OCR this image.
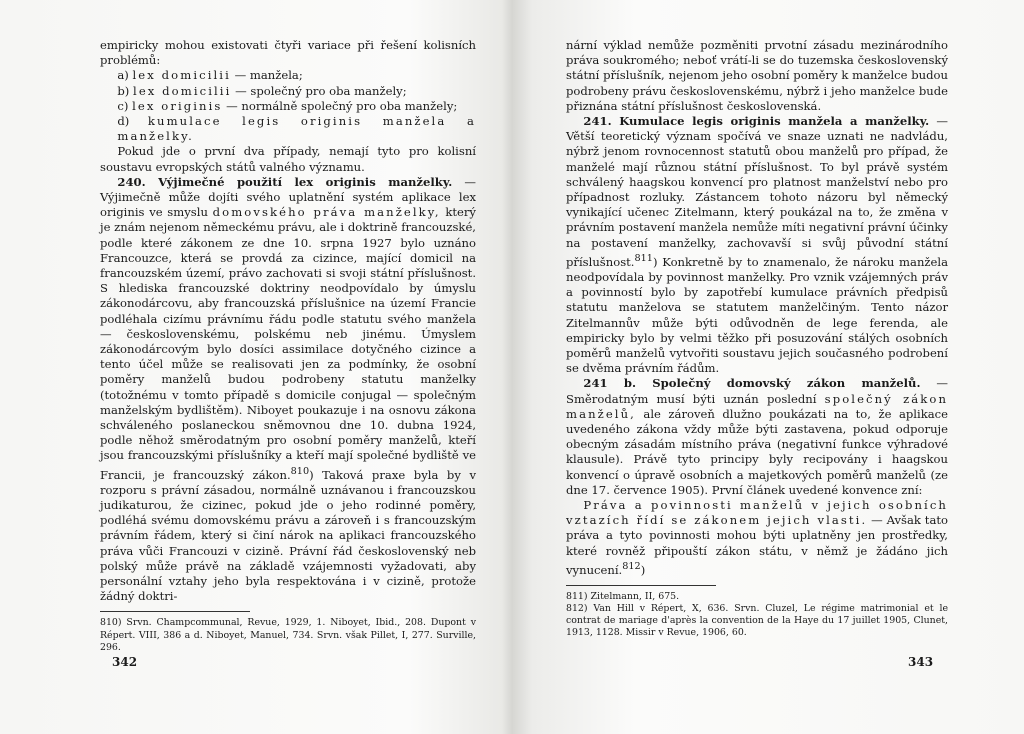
empiricky mohou existovati čtyři variace při řešení kolisních problémů:

a) lex domicilii — manžela;

b) lex domicilii — společný pro oba manžely;

c) lex originis — normálně společný pro oba manžely;

d) kumulace legis originis manžela a manželky.

Pokud jde o první dva případy, nemají tyto pro kolisní soustavu evropských států valného významu.

240. Výjimečné použití lex originis manželky. — Výjimečně může dojíti svého uplatnění systém aplikace lex originis ve smyslu domovského práva manželky, který je znám nejenom německému právu, ale i doktrině francouzské, podle které zákonem ze dne 10. srpna 1927 bylo uznáno Francouzce, která se provdá za cizince, mající domicil na francouzském území, právo zachovati si svoji státní příslušnost. S hlediska francouzské doktriny neodpovídalo by úmyslu zákonodárcovu, aby francouzská příslušnice na území Francie podléhala cizímu právnímu řádu podle statutu svého manžela — československému, polskému neb jinému. Úmyslem zákonodárcovým bylo dosíci assimilace dotyčného cizince a tento účel může se realisovati jen za podmínky, že osobní poměry manželů budou podrobeny statutu manželky (totožnému v tomto případě s domicile conjugal — společným manželským bydlištěm). Niboyet poukazuje i na osnovu zákona schváleného poslaneckou sněmovnou dne 10. dubna 1924, podle něhož směrodatným pro osobní poměry manželů, kteří jsou francouzskými příslušníky a kteří mají společné bydliště ve Francii, je francouzský zákon.$^{810}$) Taková praxe byla by v rozporu s právní zásadou, normálně uznávanou i francouzskou judikaturou, že cizinec, pokud jde o jeho rodinné poměry, podléhá svému domovskému právu a zároveň i s francouzským právním řádem, který si činí nárok na aplikaci francouzského práva vůči Francouzi v cizině. Právní řád československý neb polský může právě na základě vzájemnosti vyžadovati, aby personální vztahy jeho byla respektována i v cizině, protože žádný doktri-

810) Srvn. Champcommunal, Revue, 1929, 1. Niboyet, Ibid., 208. Dupont v Répert. VIII, 386 a d. Niboyet, Manuel, 734. Srvn. však Pillet, I, 277. Surville, 296.

nární výklad nemůže pozměniti prvotní zásadu mezinárodního práva soukromého; neboť vrátí-li se do tuzemska československý státní příslušník, nejenom jeho osobní poměry k manželce budou podrobeny právu československému, nýbrž i jeho manželce bude přiznána státní příslušnost československá.

241. Kumulace legis originis manžela a manželky. — Větší teoretický význam spočívá ve snaze uznati ne nadvládu, nýbrž jenom rovnocennost statutů obou manželů pro případ, že manželé mají různou státní příslušnost. To byl právě systém schválený haagskou konvencí pro platnost manželství nebo pro případnost rozluky. Zástancem tohoto názoru byl německý vynikající učenec Zitelmann, který poukázal na to, že změna v právním postavení manžela nemůže míti negativní právní účinky na postavení manželky, zachovavší si svůj původní státní příslušnost.$^{811}$) Konkretně by to znamenalo, že nároku manžela neodpovídala by povinnost manželky. Pro vznik vzájemných práv a povinností bylo by zapotřebí kumulace právních předpisů statutu manželova se statutem manželčiným. Tento názor Zitelmannův může býti odůvodněn de lege ferenda, ale empiricky bylo by velmi těžko při posuzování stálých osobních poměrů manželů vytvořiti soustavu jejich současného podrobení se dvěma právním řádům.

241 b. Společný domovský zákon manželů. — Směrodatným musí býti uznán poslední společný zákon manželů, ale zároveň dlužno poukázati na to, že aplikace uvedeného zákona vždy může býti zastavena, pokud odporuje obecným zásadám místního práva (negativní funkce výhradové klausule). Právě tyto principy byly recipovány i haagskou konvencí o úpravě osobních a majetkových poměrů manželů (ze dne 17. července 1905). První článek uvedené konvence zní:

Práva a povinnosti manželů v jejich osobních vztazích řídí se zákonem jejich vlasti. — Avšak tato práva a tyto povinnosti mohou býti uplatněny jen prostředky, které rovněž připouští zákon státu, v němž je žádáno jich vynucení.$^{812}$)

811) Zitelmann, II, 675.

812) Van Hill v Répert, X, 636. Srvn. Cluzel, Le régime matrimonial et le contrat de mariage d'après la convention de la Haye du 17 juillet 1905, Clunet, 1913, 1128. Missir v Revue, 1906, 60.

342	343
